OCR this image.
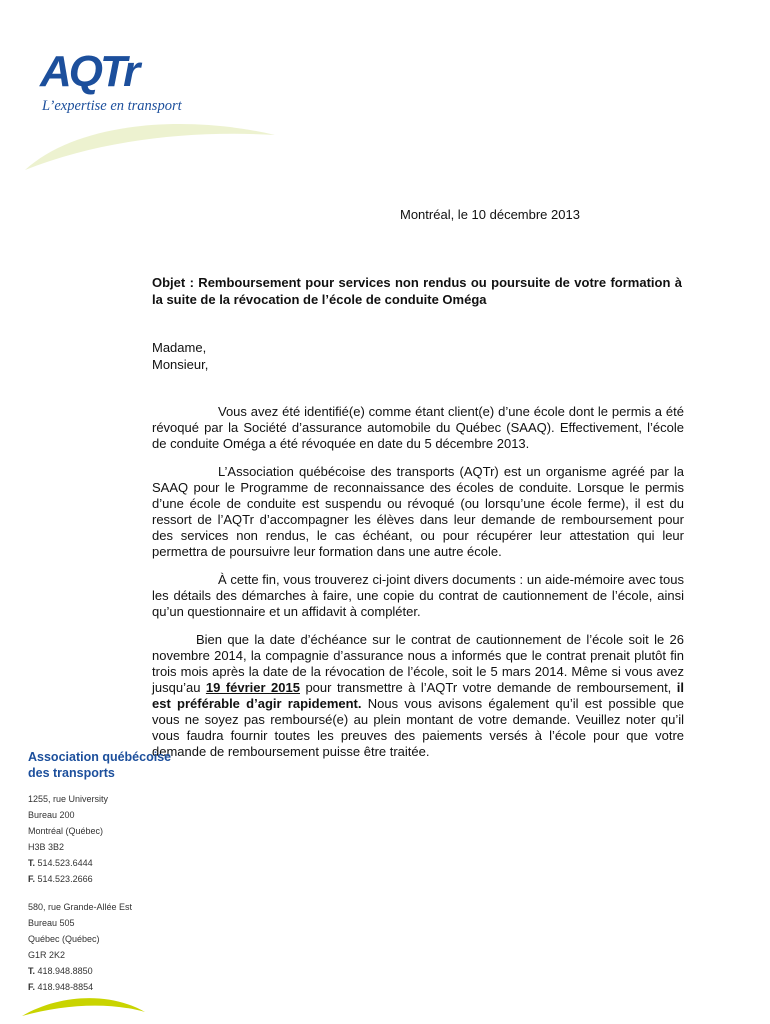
AQTr
L’expertise en transport
Montréal, le 10 décembre 2013
Objet : Remboursement pour services non rendus ou poursuite de votre formation à la suite de la révocation de l’école de conduite Oméga
Madame,
Monsieur,

Vous avez été identifié(e) comme étant client(e) d’une école dont le permis a été révoqué par la Société d’assurance automobile du Québec (SAAQ). Effectivement, l’école de conduite Oméga a été révoquée en date du 5 décembre 2013.

L’Association québécoise des transports (AQTr) est un organisme agréé par la SAAQ pour le Programme de reconnaissance des écoles de conduite. Lorsque le permis d’une école de conduite est suspendu ou révoqué (ou lorsqu’une école ferme), il est du ressort de l’AQTr d’accompagner les élèves dans leur demande de remboursement pour des services non rendus, le cas échéant, ou pour récupérer leur attestation qui leur permettra de poursuivre leur formation dans une autre école.

À cette fin, vous trouverez ci-joint divers documents : un aide-mémoire avec tous les détails des démarches à faire, une copie du contrat de cautionnement de l’école, ainsi qu’un questionnaire et un affidavit à compléter.

Bien que la date d’échéance sur le contrat de cautionnement de l’école soit le 26 novembre 2014, la compagnie d’assurance nous a informés que le contrat prenait plutôt fin trois mois après la date de la révocation de l’école, soit le 5 mars 2014. Même si vous avez jusqu’au 19 février 2015 pour transmettre à l’AQTr votre demande de remboursement, il est préférable d’agir rapidement. Nous vous avisons également qu’il est possible que vous ne soyez pas remboursé(e) au plein montant de votre demande. Veuillez noter qu’il vous faudra fournir toutes les preuves des paiements versés à l’école pour que votre demande de remboursement puisse être traitée.

Association québécoise
des transports
1255, rue University
Bureau 200
Montréal (Québec)
H3B 3B2
T. 514.523.6444
F. 514.523.2666
580, rue Grande-Allée Est
Bureau 505
Québec (Québec)
G1R 2K2
T. 418.948.8850
F. 418.948-8854
